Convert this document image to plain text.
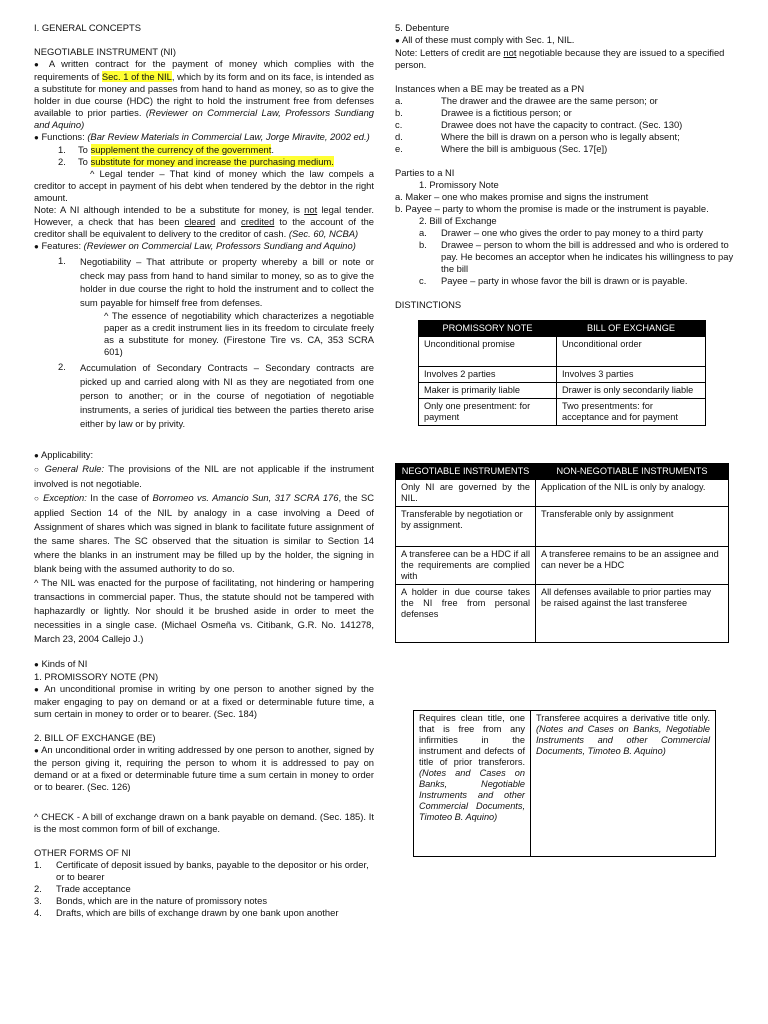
I. GENERAL CONCEPTS

NEGOTIABLE INSTRUMENT (NI)

● A written contract for the payment of money which complies with the requirements of Sec. 1 of the NIL, which by its form and on its face, is intended as a substitute for money and passes from hand to hand as money, so as to give the holder in due course (HDC) the right to hold the instrument free from defenses available to prior parties. (Reviewer on Commercial Law, Professors Sundiang and Aquino)

● Functions: (Bar Review Materials in Commercial Law, Jorge Miravite, 2002 ed.)

1.	To supplement the currency of the government.
2.	To substitute for money and increase the purchasing medium.

^ Legal tender – That kind of money which the law compels a creditor to accept in payment of his debt when tendered by the debtor in the right amount.

Note: A NI although intended to be a substitute for money, is not legal tender. However, a check that has been cleared and credited to the account of the creditor shall be equivalent to delivery to the creditor of cash. (Sec. 60, NCBA)

● Features: (Reviewer on Commercial Law, Professors Sundiang and Aquino)

1.	Negotiability – That attribute or property whereby a bill or note or check may pass from hand to hand similar to money, so as to give the holder in due course the right to hold the instrument and to collect the sum payable for himself free from defenses.

^ The essence of negotiability which characterizes a negotiable paper as a credit instrument lies in its freedom to circulate freely as a substitute for money. (Firestone Tire vs. CA, 353 SCRA 601)

2.	Accumulation of Secondary Contracts – Secondary contracts are picked up and carried along with NI as they are negotiated from one person to another; or in the course of negotiation of negotiable instruments, a series of juridical ties between the parties thereto arise either by law or by privity.

● Applicability:

○ General Rule: The provisions of the NIL are not applicable if the instrument involved is not negotiable.

○ Exception: In the case of Borromeo vs. Amancio Sun, 317 SCRA 176, the SC applied Section 14 of the NIL by analogy in a case involving a Deed of Assignment of shares which was signed in blank to facilitate future assignment of the same shares. The SC observed that the situation is similar to Section 14 where the blanks in an instrument may be filled up by the holder, the signing in blank being with the assumed authority to do so.

^ The NIL was enacted for the purpose of facilitating, not hindering or hampering transactions in commercial paper. Thus, the statute should not be tampered with haphazardly or lightly. Nor should it be brushed aside in order to meet the necessities in a single case. (Michael Osmeña vs. Citibank, G.R. No. 141278, March 23, 2004 Callejo J.)

● Kinds of NI

1. PROMISSORY NOTE (PN)

● An unconditional promise in writing by one person to another signed by the maker engaging to pay on demand or at a fixed or determinable future time, a sum certain in money to order or to bearer. (Sec. 184)

2. BILL OF EXCHANGE (BE)

● An unconditional order in writing addressed by one person to another, signed by the person giving it, requiring the person to whom it is addressed to pay on demand or at a fixed or determinable future time a sum certain in money to order or to bearer. (Sec. 126)

^ CHECK - A bill of exchange drawn on a bank payable on demand. (Sec. 185). It is the most common form of bill of exchange.

OTHER FORMS OF NI

1.	Certificate of deposit issued by banks, payable to the depositor or his order, or to bearer
2.	Trade acceptance
3.	Bonds, which are in the nature of promissory notes
4.	Drafts, which are bills of exchange drawn by one bank upon another

5. Debenture

● All of these must comply with Sec. 1, NIL.

Note: Letters of credit are not negotiable because they are issued to a specified person.

Instances when a BE may be treated as a PN

a.	The drawer and the drawee are the same person; or
b.	Drawee is a fictitious person; or
c.	Drawee does not have the capacity to contract. (Sec. 130)
d.	Where the bill is drawn on a person who is legally absent;
e.	Where the bill is ambiguous (Sec. 17[e])

Parties to a NI

1. Promissory Note

a. Maker – one who makes promise and signs the instrument

b. Payee – party to whom the promise is made or the instrument is payable.

2. Bill of Exchange

a.	Drawer – one who gives the order to pay money to a third party
b.	Drawee – person to whom the bill is addressed and who is ordered to pay. He becomes an acceptor when he indicates his willingness to pay the bill
c.	Payee – party in whose favor the bill is drawn or is payable.

DISTINCTIONS

PROMISSORY NOTE	BILL OF EXCHANGE
Unconditional promise	Unconditional order
Involves 2 parties	Involves 3 parties
Maker is primarily liable	Drawer is only secondarily liable
Only one presentment: for payment	Two presentments: for acceptance and for payment
NEGOTIABLE INSTRUMENTS	NON-NEGOTIABLE INSTRUMENTS
Only NI are governed by the NIL.	Application of the NIL is only by analogy.
Transferable by negotiation or by assignment.	Transferable only by assignment
A transferee can be a HDC if all the requirements are complied with	A transferee remains to be an assignee and can never be a HDC
A holder in due course takes the NI free from personal defenses	All defenses available to prior parties may be raised against the last transferee
Requires clean title, one that is free from any infirmities in the instrument and defects of title of prior transferors. (Notes and Cases on Banks, Negotiable Instruments and other Commercial Documents, Timoteo B. Aquino)	Transferee acquires a derivative title only. (Notes and Cases on Banks, Negotiable Instruments and other Commercial Documents, Timoteo B. Aquino)
